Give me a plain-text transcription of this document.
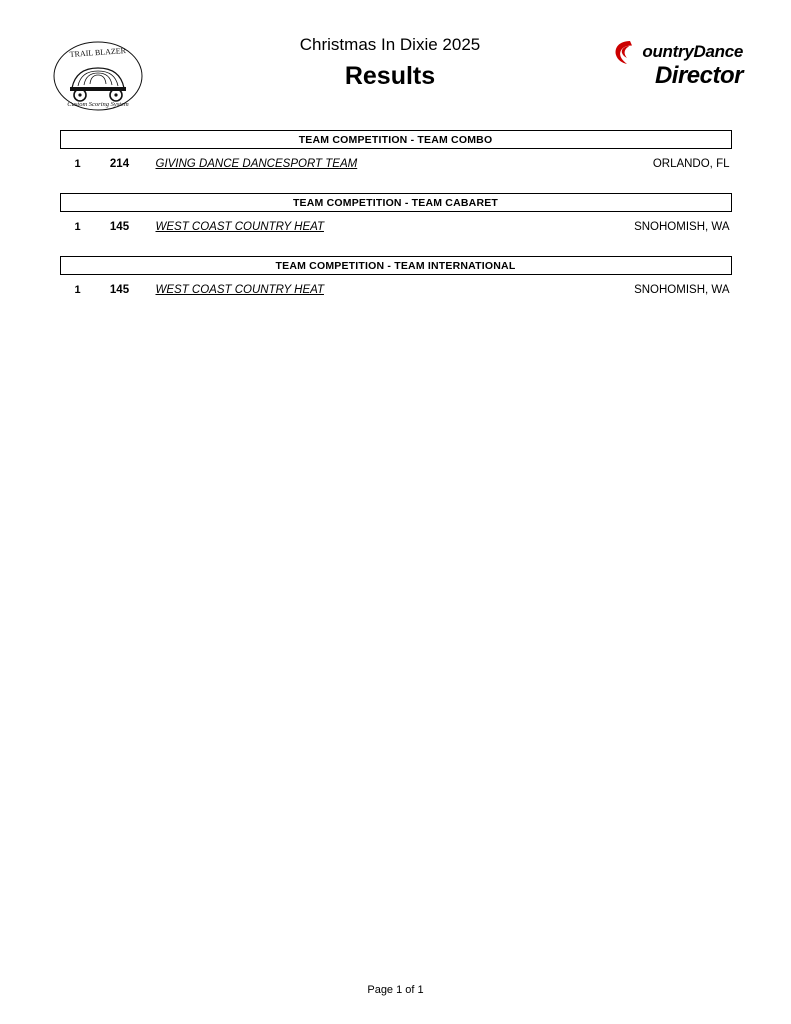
TRAIL BLAZER
Custom Scoring System
Christmas In Dixie 2025
Results
ountryDance
Director
TEAM COMPETITION - TEAM COMBO
1	214	GIVING DANCE DANCESPORT TEAM	ORLANDO, FL
TEAM COMPETITION - TEAM CABARET
1	145	WEST COAST COUNTRY HEAT	SNOHOMISH, WA
TEAM COMPETITION - TEAM INTERNATIONAL
1	145	WEST COAST COUNTRY HEAT	SNOHOMISH, WA
Page 1 of 1
